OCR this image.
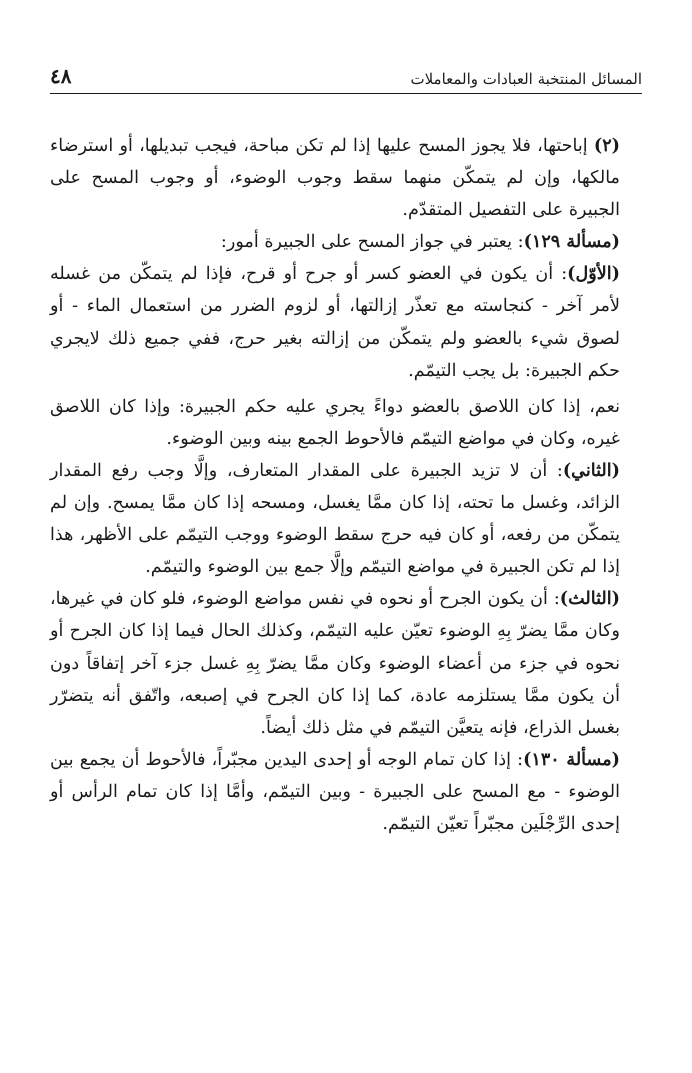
المسائل المنتخبة العبادات والمعاملات
٤٨

(٢) إباحتها، فلا يجوز المسح عليها إذا لم تكن مباحة، فيجب تبديلها، أو استرضاء مالكها، وإن لم يتمكّن منهما سقط وجوب الوضوء، أو وجوب المسح على الجبيرة على التفصيل المتقدّم.

(مسألة ١٢٩): يعتبر في جواز المسح على الجبيرة أمور:

(الأوّل): أن يكون في العضو كسر أو جرح أو قرح، فإذا لم يتمكّن من غسله لأمر آخر - كنجاسته مع تعذّر إزالتها، أو لزوم الضرر من استعمال الماء - أو لصوق شيء بالعضو ولم يتمكّن من إزالته بغير حرج، ففي جميع ذلك لايجري حكم الجبيرة: بل يجب التيمّم.

نعم، إذا كان اللاصق بالعضو دواءً يجري عليه حكم الجبيرة: وإذا كان اللاصق غيره، وكان في مواضع التيمّم فالأحوط الجمع بينه وبين الوضوء.

(الثاني): أن لا تزيد الجبيرة على المقدار المتعارف، وإلَّا وجب رفع المقدار الزائد، وغسل ما تحته، إذا كان ممَّا يغسل، ومسحه إذا كان ممَّا يمسح. وإن لم يتمكّن من رفعه، أو كان فيه حرج سقط الوضوء ووجب التيمّم على الأظهر، هذا إذا لم تكن الجبيرة في مواضع التيمّم وإلَّا جمع بين الوضوء والتيمّم.

(الثالث): أن يكون الجرح أو نحوه في نفس مواضع الوضوء، فلو كان في غيرها، وكان ممَّا يضرّ بِهِ الوضوء تعيّن عليه التيمّم، وكذلك الحال فيما إذا كان الجرح أو نحوه في جزء من أعضاء الوضوء وكان ممَّا يضرّ بِهِ غسل جزء آخر إتفاقاً دون أن يكون ممَّا يستلزمه عادة، كما إذا كان الجرح في إصبعه، واتّفق أنه يتضرّر بغسل الذراع، فإنه يتعيَّن التيمّم في مثل ذلك أيضاً.

(مسألة ١٣٠): إذا كان تمام الوجه أو إحدى اليدين مجبّراً، فالأحوط أن يجمع بين الوضوء - مع المسح على الجبيرة - وبين التيمّم، وأمَّا إذا كان تمام الرأس أو إحدى الرِّجْلَين مجبّراً تعيّن التيمّم.
